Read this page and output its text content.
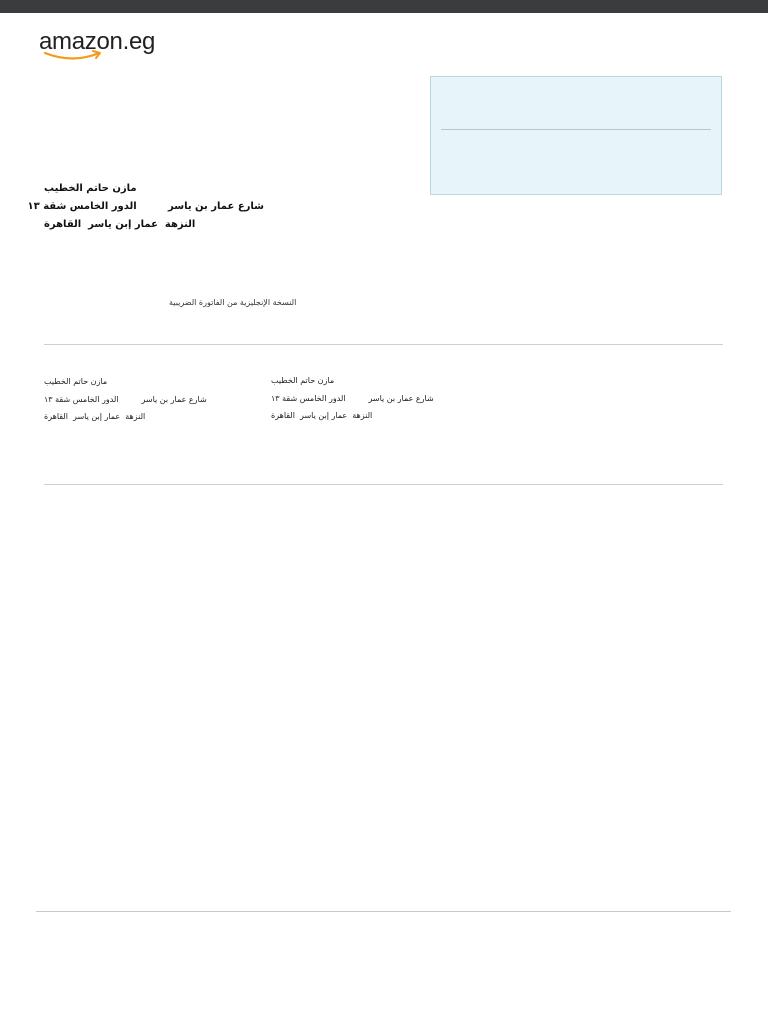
amazon.eg
مازن حاتم الخطيب
شارع عمار بن ياسر         الدور الخامس شقة ١٣
النزهة  عمار إبن ياسر  القاهرة
النسخة الإنجليزية من الفاتورة الضريبية
مازن حاتم الخطيب
شارع عمار بن ياسر         الدور الخامس شقة ١٣
النزهة  عمار إبن ياسر  القاهرة
مازن حاتم الخطيب
شارع عمار بن ياسر         الدور الخامس شقة ١٣
النزهة  عمار إبن ياسر  القاهرة
